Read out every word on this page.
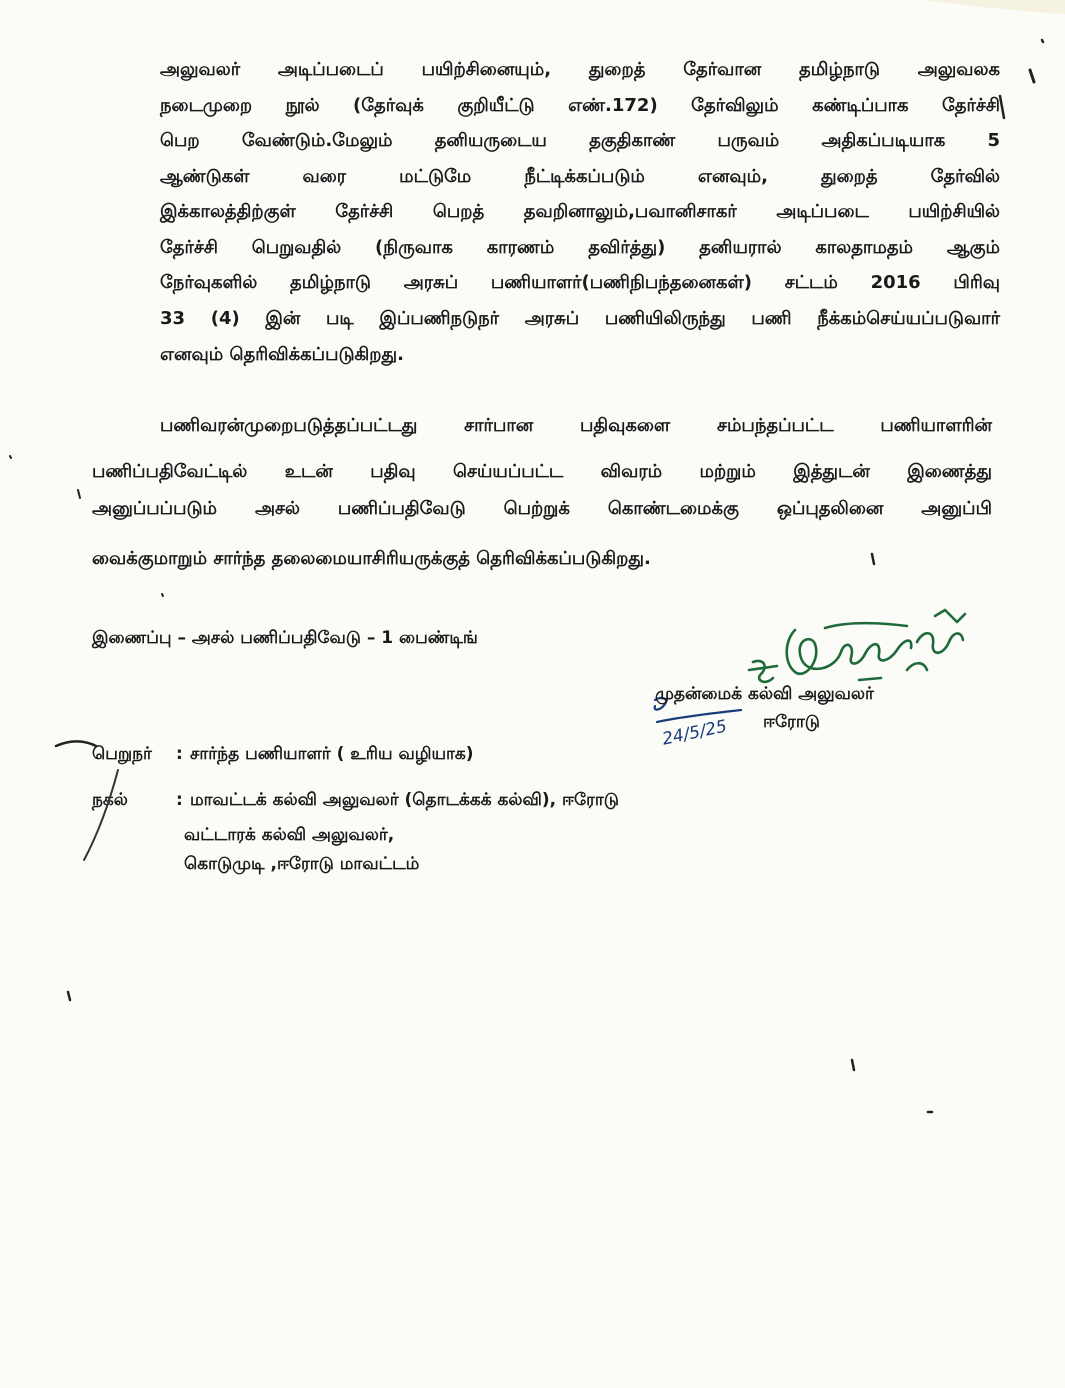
அலுவலர் அடிப்படைப் பயிற்சினையும், துறைத் தேர்வான தமிழ்நாடு அலுவலக
நடைமுறை நூல் (தேர்வுக் குறியீட்டு எண்.172) தேர்விலும் கண்டிப்பாக தேர்ச்சி
பெற வேண்டும்.மேலும் தனியருடைய தகுதிகாண் பருவம் அதிகப்படியாக 5
ஆண்டுகள் வரை மட்டுமே நீட்டிக்கப்படும் எனவும், துறைத் தேர்வில்
இக்காலத்திற்குள் தேர்ச்சி பெறத் தவறினாலும்,பவானிசாகர் அடிப்படை பயிற்சியில்
தேர்ச்சி பெறுவதில் (நிருவாக காரணம் தவிர்த்து) தனியரால் காலதாமதம் ஆகும்
நேர்வுகளில் தமிழ்நாடு அரசுப் பணியாளர்(பணிநிபந்தனைகள்) சட்டம் 2016 பிரிவு
33 (4) இன் படி இப்பணிநடுநர் அரசுப் பணியிலிருந்து பணி நீக்கம்செய்யப்படுவார்
எனவும் தெரிவிக்கப்படுகிறது.
பணிவரன்முறைபடுத்தப்பட்டது சார்பான பதிவுகளை சம்பந்தப்பட்ட பணியாளரின்
பணிப்பதிவேட்டில் உடன் பதிவு செய்யப்பட்ட விவரம் மற்றும் இத்துடன் இணைத்து
அனுப்பப்படும் அசல் பணிப்பதிவேடு பெற்றுக் கொண்டமைக்கு ஒப்புதலினை அனுப்பி
வைக்குமாறும் சார்ந்த தலைமையாசிரியருக்குத் தெரிவிக்கப்படுகிறது.
இணைப்பு – அசல் பணிப்பதிவேடு – 1 பைண்டிங்
24/5/25
முதன்மைக் கல்வி அலுவலர்
ஈரோடு
பெறுநர் : சார்ந்த பணியாளர் ( உரிய வழியாக)
நகல்	: மாவட்டக் கல்வி அலுவலர் (தொடக்கக் கல்வி), ஈரோடு
வட்டாரக் கல்வி அலுவலர்,
கொடுமுடி ,ஈரோடு மாவட்டம்
